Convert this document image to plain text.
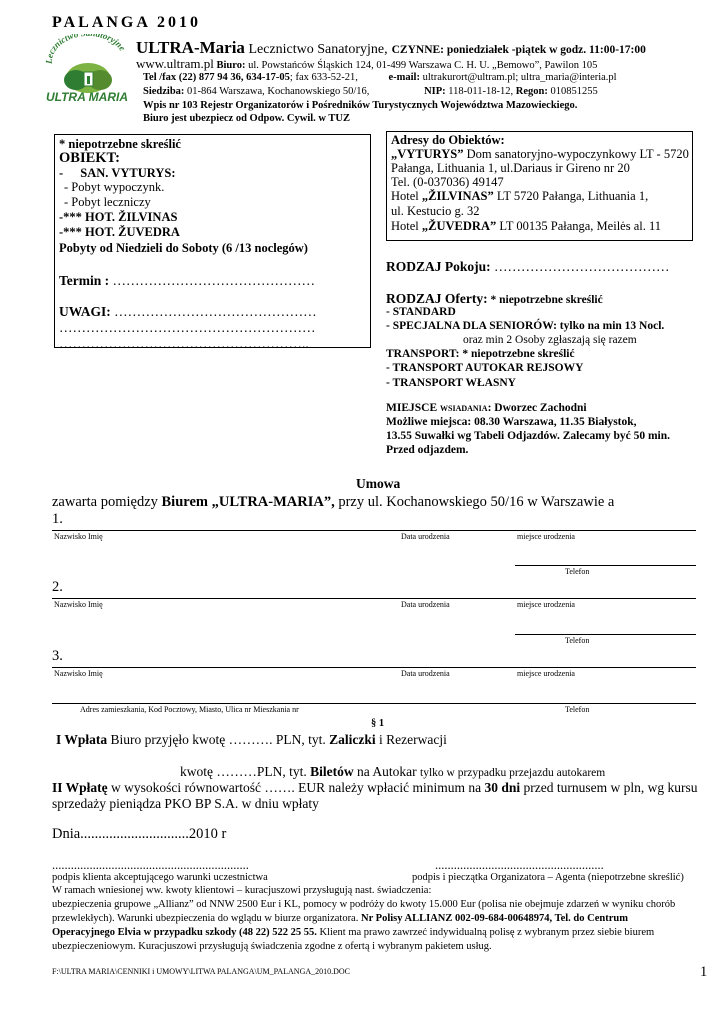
PALANGA 2010
Lecznictwo toryjne
ULTRA MARIA
ULTRA-Maria Lecznictwo Sanatoryjne, CZYNNE: poniedziałek -piątek w godz. 11:00-17:00
www.ultram.pl Biuro: ul. Powstańców Śląskich 124, 01-499 Warszawa C. H. U. „Bemowo”, Pawilon 105
Tel /fax (22) 877 94 36, 634-17-05; fax 633-52-21,	e-mail: ultrakurort@ultram.pl; ultra_maria@interia.pl
Siedziba: 01-864 Warszawa, Kochanowskiego 50/16,	NIP: 118-011-18-12, Regon: 010851255
Wpis nr 103 Rejestr Organizatorów i Pośredników Turystycznych Województwa Mazowieckiego.
Biuro jest ubezpiecz od Odpow. Cywil. w TUZ
* niepotrzebne skreślić
OBIEKT:
- SAN. VYTURYS:
- Pobyt wypoczynk.
- Pobyt leczniczy
-*** HOT. ŽILVINAS
-*** HOT. ŽUVEDRA
Pobyty od Niedzieli do Soboty (6 /13 noclegów)
Termin : ………………………………………
UWAGI: ………………………………………
…………………………………………………
………………………………………………..
Adresy do Obiektów:
„VYTURYS” Dom sanatoryjno-wypoczynkowy LT - 5720
Pałanga, Lithuania 1, ul.Dariaus ir Gireno nr 20
Tel. (0-037036) 49147
Hotel „ŽILVINAS” LT 5720 Pałanga, Lithuania 1,
ul. Kestucio g. 32
Hotel „ŽUVEDRA” LT 00135 Pałanga, Meilės al. 11
RODZAJ Pokoju: …………………………………
RODZAJ Oferty: * niepotrzebne skreślić
- STANDARD
- SPECJALNA DLA SENIORÓW: tylko na min 13 Nocl.
oraz min 2 Osoby zgłaszają się razem
TRANSPORT: * niepotrzebne skreślić
- TRANSPORT AUTOKAR REJSOWY
- TRANSPORT WŁASNY
MIEJSCE WSIADANIA: Dworzec Zachodni
Możliwe miejsca: 08.30 Warszawa, 11.35 Białystok,
13.55 Suwałki wg Tabeli Odjazdów. Zalecamy być 50 min.
Przed odjazdem.
Umowa
zawarta pomiędzy Biurem „ULTRA-MARIA”, przy ul. Kochanowskiego 50/16 w Warszawie a
1.
Nazwisko Imię	Data urodzenia	miejsce urodzenia
Telefon
2.
Nazwisko Imię	Data urodzenia	miejsce urodzenia
Telefon
3.
Nazwisko Imię	Data urodzenia	miejsce urodzenia
Adres zamieszkania, Kod Pocztowy, Miasto, Ulica nr Mieszkania nr	Telefon
§ 1
I Wpłata Biuro przyjęło kwotę ………. PLN, tyt. Zaliczki i Rezerwacji
kwotę ………PLN, tyt. Biletów na Autokar tylko w przypadku przejazdu autokarem
II Wpłatę w wysokości równowartość ……. EUR należy wpłacić minimum na 30 dni przed turnusem w pln, wg kursu
sprzedaży pieniądza PKO BP S.A. w dniu wpłaty
Dnia..............................2010 r
...............................................................	......................................................
podpis klienta akceptującego warunki uczestnictwa	podpis i pieczątka Organizatora – Agenta (niepotrzebne skreślić)
W ramach wniesionej ww. kwoty klientowi – kuracjuszowi przysługują nast. świadczenia:
ubezpieczenia grupowe „Allianz” od NNW 2500 Eur i KL, pomocy w podróży do kwoty 15.000 Eur (polisa nie obejmuje zdarzeń w wyniku chorób
przewlekłych). Warunki ubezpieczenia do wglądu w biurze organizatora. Nr Polisy ALLIANZ 002-09-684-00648974, Tel. do Centrum
Operacyjnego Elvia w przypadku szkody (48 22) 522 25 55. Klient ma prawo zawrzeć indywidualną polisę z wybranym przez siebie biurem
ubezpieczeniowym. Kuracjuszowi przysługują świadczenia zgodne z ofertą i wybranym pakietem usług.
F:\ULTRA MARIA\CENNIKI i UMOWY\LITWA PALANGA\UM_PALANGA_2010.DOC	1
